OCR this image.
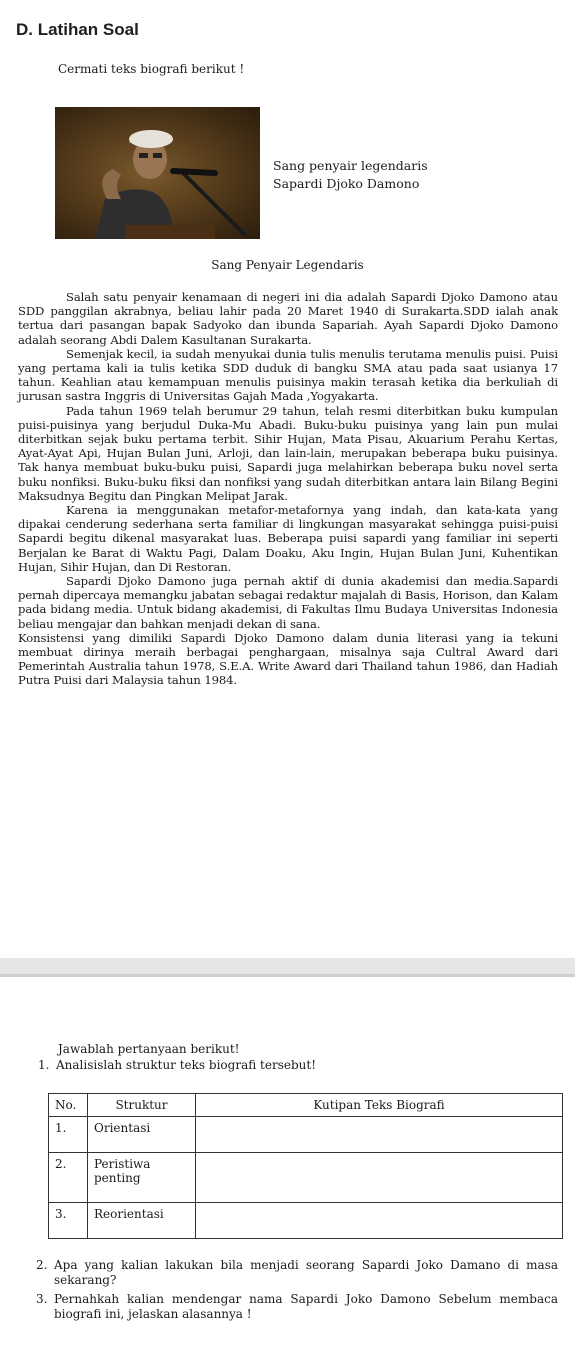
D. Latihan Soal
Cermati teks biografi berikut !
Sang penyair legendaris
Sapardi Djoko Damono
Sang Penyair Legendaris

Salah satu penyair kenamaan di negeri ini dia adalah Sapardi Djoko Damono atau SDD panggilan akrabnya, beliau lahir pada 20 Maret 1940 di Surakarta.SDD ialah anak tertua dari pasangan bapak Sadyoko dan ibunda Sapariah. Ayah Sapardi Djoko Damono adalah seorang Abdi Dalem Kasultanan Surakarta.

Semenjak kecil, ia sudah menyukai dunia tulis menulis terutama menulis puisi. Puisi yang pertama kali ia tulis ketika SDD duduk di bangku SMA atau pada saat usianya 17 tahun. Keahlian atau kemampuan menulis puisinya makin terasah ketika dia berkuliah di jurusan sastra Inggris di Universitas Gajah Mada ,Yogyakarta.

Pada tahun 1969 telah berumur 29 tahun, telah resmi diterbitkan buku kumpulan puisi-puisinya yang berjudul Duka-Mu Abadi. Buku-buku puisinya yang lain pun mulai diterbitkan sejak buku pertama terbit. Sihir Hujan, Mata Pisau, Akuarium Perahu Kertas, Ayat-Ayat Api, Hujan Bulan Juni, Arloji, dan lain-lain, merupakan beberapa buku puisinya. Tak hanya membuat buku-buku puisi, Sapardi juga melahirkan beberapa buku novel serta buku nonfiksi. Buku-buku fiksi dan nonfiksi yang sudah diterbitkan antara lain Bilang Begini Maksudnya Begitu dan Pingkan Melipat Jarak.

Karena ia menggunakan metafor-metafornya yang indah, dan kata-kata yang dipakai cenderung sederhana serta familiar di lingkungan masyarakat sehingga puisi-puisi Sapardi begitu dikenal masyarakat luas. Beberapa puisi sapardi yang familiar ini seperti Berjalan ke Barat di Waktu Pagi, Dalam Doaku, Aku Ingin, Hujan Bulan Juni, Kuhentikan Hujan, Sihir Hujan, dan Di Restoran.

Sapardi Djoko Damono juga pernah aktif di dunia akademisi dan media.Sapardi pernah dipercaya memangku jabatan sebagai redaktur majalah di Basis, Horison, dan Kalam pada bidang media. Untuk bidang akademisi, di Fakultas Ilmu Budaya Universitas Indonesia beliau mengajar dan bahkan menjadi dekan di sana.

Konsistensi yang dimiliki Sapardi Djoko Damono dalam dunia literasi yang ia tekuni membuat dirinya meraih berbagai penghargaan, misalnya saja Cultral Award dari Pemerintah Australia tahun 1978, S.E.A. Write Award dari Thailand tahun 1986, dan Hadiah Putra Puisi dari Malaysia tahun 1984.

Jawablah pertanyaan berikut!
1. Analisislah struktur teks biografi tersebut!
No.	Struktur	Kutipan Teks Biografi
1.	Orientasi	
2.	Peristiwa penting	
3.	Reorientasi	
2. Apa yang kalian lakukan bila menjadi seorang Sapardi Joko Damano di masa sekarang?
3. Pernahkah kalian mendengar nama Sapardi Joko Damono Sebelum membaca biografi ini, jelaskan alasannya !
